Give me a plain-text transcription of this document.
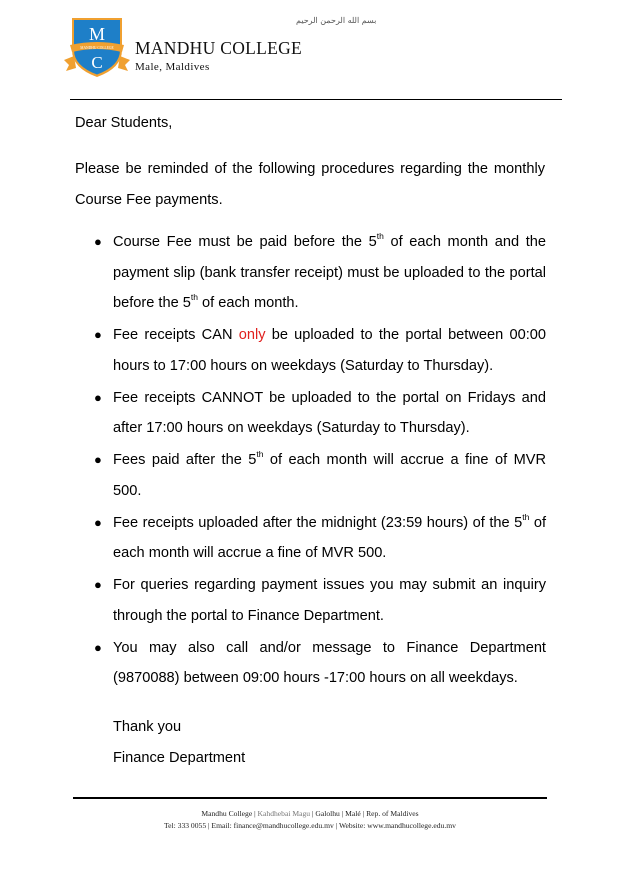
MANDHU COLLEGE
M
C
بسم الله الرحمن الرحيم
MANDHU COLLEGE
Male, Maldives
Dear Students,
Please be reminded of the following procedures regarding the monthly Course Fee payments.
● Course Fee must be paid before the 5th of each month and the payment slip (bank transfer receipt) must be uploaded to the portal before the 5th of each month.
● Fee receipts CAN only be uploaded to the portal between 00:00 hours to 17:00 hours on weekdays (Saturday to Thursday).
● Fee receipts CANNOT be uploaded to the portal on Fridays and after 17:00 hours on weekdays (Saturday to Thursday).
● Fees paid after the 5th of each month will accrue a fine of MVR 500.
● Fee receipts uploaded after the midnight (23:59 hours) of the 5th of each month will accrue a fine of MVR 500.
● For queries regarding payment issues you may submit an inquiry through the portal to Finance Department.
● You may also call and/or message to Finance Department (9870088) between 09:00 hours -17:00 hours on all weekdays.
Thank you
Finance Department
Mandhu College | Kahdhebai Magu | Galolhu | Malé | Rep. of Maldives
Tel: 333 0055 | Email: finance@mandhucollege.edu.mv | Website: www.mandhucollege.edu.mv
